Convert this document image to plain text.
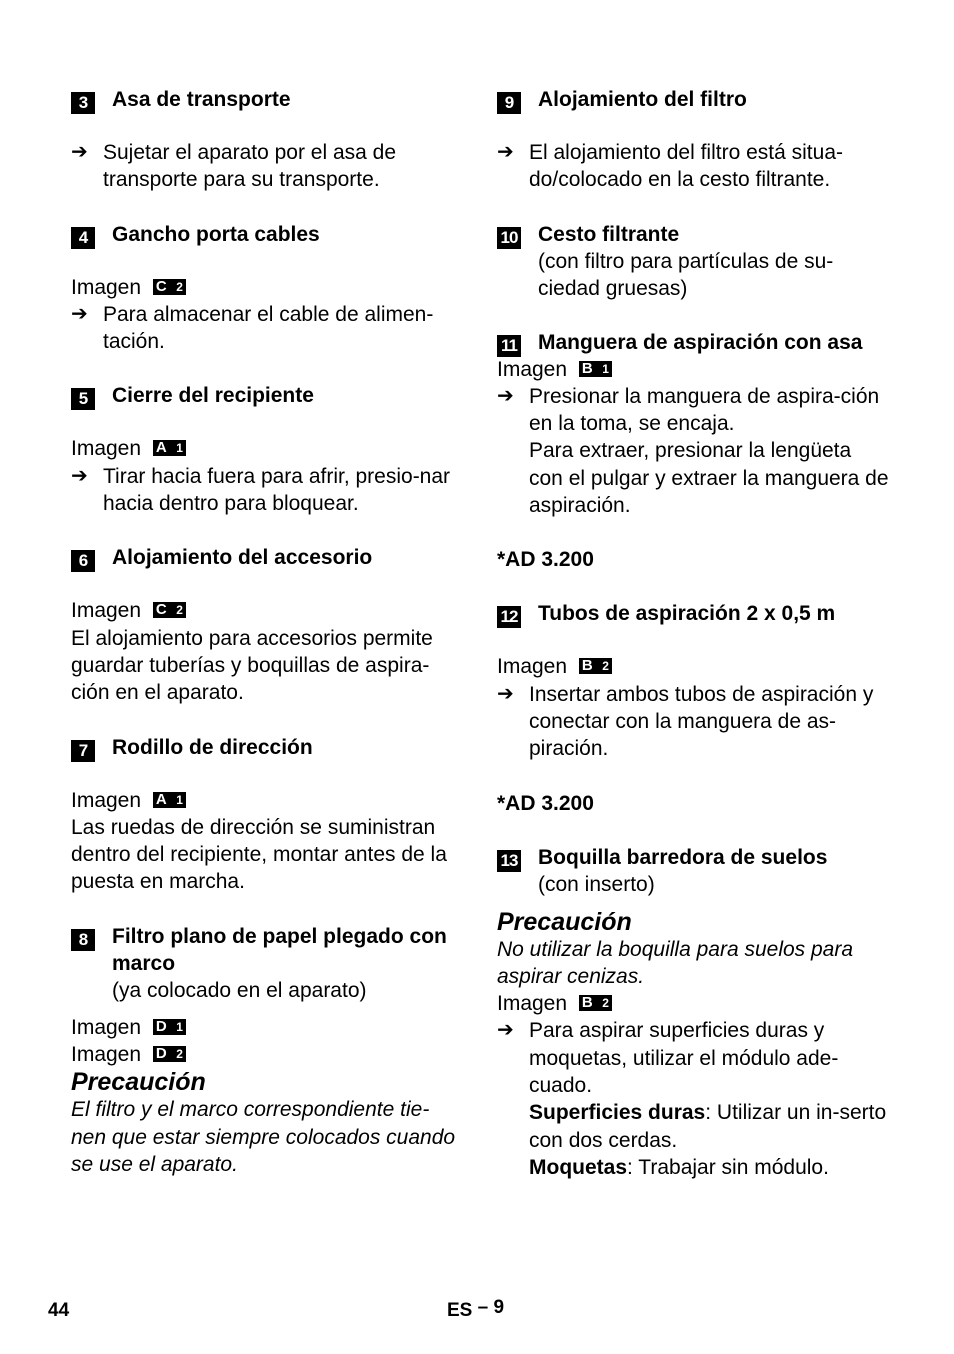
3	Asa de transporte
➔ Sujetar el aparato por el asa de transporte para su transporte.
4	Gancho porta cables
Imagen C 2
➔ Para almacenar el cable de alimen-tación.
5	Cierre del recipiente
Imagen A 1
➔ Tirar hacia fuera para afrir, presio-nar hacia dentro para bloquear.
6	Alojamiento del accesorio
Imagen C 2

El alojamiento para accesorios permite guardar tuberías y boquillas de aspira-ción en el aparato.

7	Rodillo de dirección
Imagen A 1

Las ruedas de dirección se suministran dentro del recipiente, montar antes de la puesta en marcha.

8	Filtro plano de papel plegado con marco
(ya colocado en el aparato)
Imagen D 1
Imagen D 2

Precaución

El filtro y el marco correspondiente tie-nen que estar siempre colocados cuando se use el aparato.

9	Alojamiento del filtro
➔ El alojamiento del filtro está situa-do/colocado en la cesto filtrante.
10 Cesto filtrante
(con filtro para partículas de su-ciedad gruesas)
11 Manguera de aspiración con asa
Imagen B 1
➔ Presionar la manguera de aspira-ción en la toma, se encaja.
Para extraer, presionar la lengüeta con el pulgar y extraer la manguera de aspiración.
*AD 3.200
12 Tubos de aspiración 2 x 0,5 m
Imagen B 2
➔ Insertar ambos tubos de aspiración y conectar con la manguera de as-piración.
*AD 3.200
13 Boquilla barredora de suelos
(con inserto)

Precaución

No utilizar la boquilla para suelos para aspirar cenizas.

Imagen B 2
➔ Para aspirar superficies duras y moquetas, utilizar el módulo ade-cuado.
Superficies duras: Utilizar un in-serto con dos cerdas.
Moquetas: Trabajar sin módulo.
44	ES – 9
